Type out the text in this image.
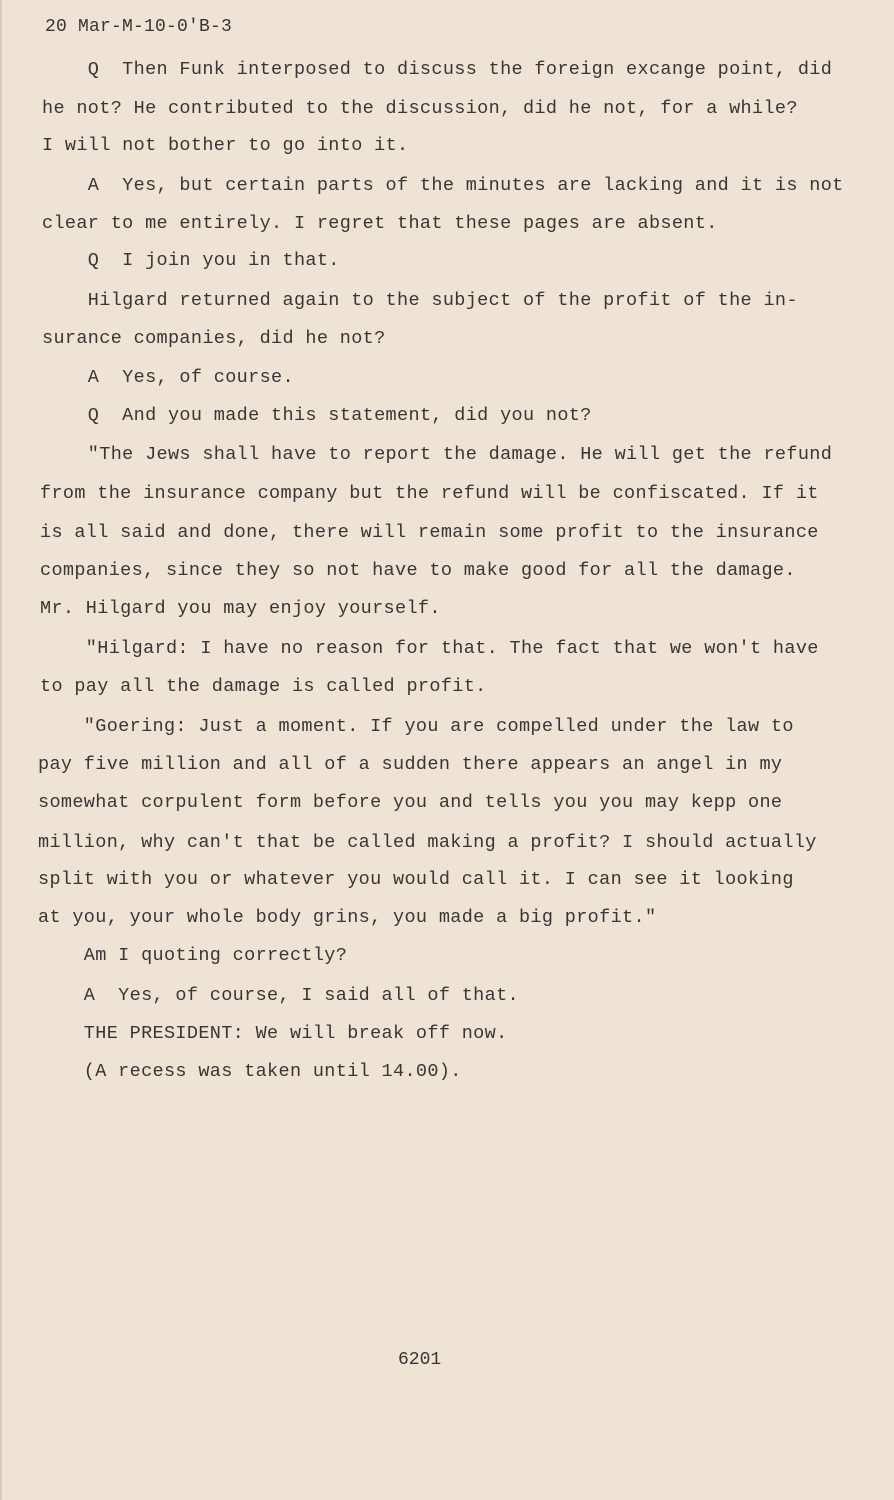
20 Mar-M-10-0'B-3
Q  Then Funk interposed to discuss the foreign excange point, did
he not? He contributed to the discussion, did he not, for a while?
I will not bother to go into it.
A  Yes, but certain parts of the minutes are lacking and it is not
clear to me entirely. I regret that these pages are absent.
Q  I join you in that.
Hilgard returned again to the subject of the profit of the in-
surance companies, did he not?
A  Yes, of course.
Q  And you made this statement, did you not?
"The Jews shall have to report the damage. He will get the refund
from the insurance company but the refund will be confiscated. If it
is all said and done, there will remain some profit to the insurance
companies, since they so not have to make good for all the damage.
Mr. Hilgard you may enjoy yourself.
"Hilgard: I have no reason for that. The fact that we won't have
to pay all the damage is called profit.
"Goering: Just a moment. If you are compelled under the law to
pay five million and all of a sudden there appears an angel in my
somewhat corpulent form before you and tells you you may kepp one
million, why can't that be called making a profit? I should actually
split with you or whatever you would call it. I can see it looking
at you, your whole body grins, you made a big profit."
Am I quoting correctly?
A  Yes, of course, I said all of that.
THE PRESIDENT: We will break off now.
(A recess was taken until 14.00).
6201
